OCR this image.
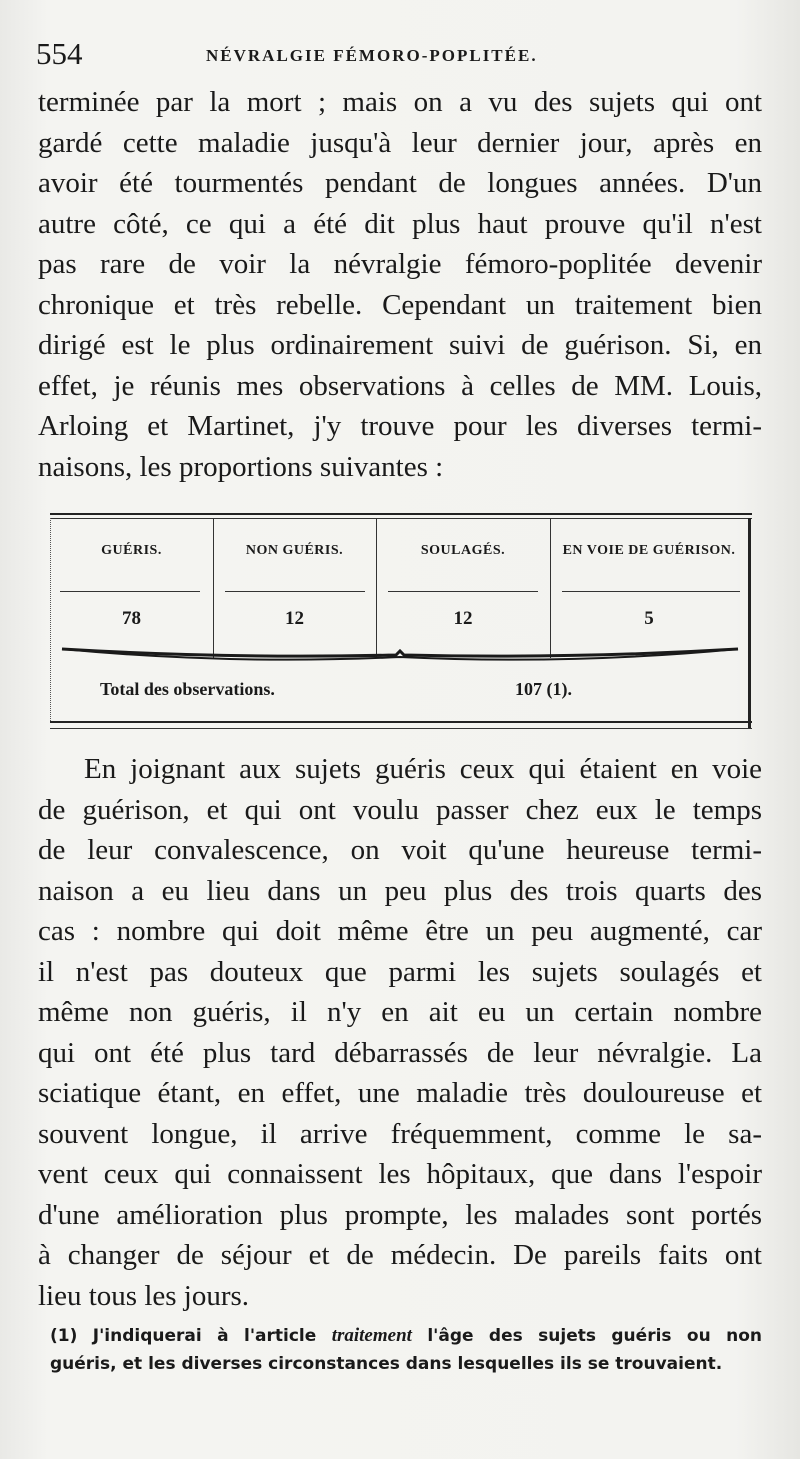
554	NÉVRALGIE FÉMORO-POPLITÉE.
terminée par la mort ; mais on a vu des sujets qui ont
gardé cette maladie jusqu'à leur dernier jour, après en
avoir été tourmentés pendant de longues années. D'un
autre côté, ce qui a été dit plus haut prouve qu'il n'est
pas rare de voir la névralgie fémoro-poplitée devenir
chronique et très rebelle. Cependant un traitement bien
dirigé est le plus ordinairement suivi de guérison. Si, en
effet, je réunis mes observations à celles de MM. Louis,
Arloing et Martinet, j'y trouve pour les diverses termi-
naisons, les proportions suivantes :
GUÉRIS.	NON GUÉRIS.	SOULAGÉS.	EN VOIE DE GUÉRISON.
78	12	12	5
Total des observations.	107 (1).
En joignant aux sujets guéris ceux qui étaient en voie
de guérison, et qui ont voulu passer chez eux le temps
de leur convalescence, on voit qu'une heureuse termi-
naison a eu lieu dans un peu plus des trois quarts des
cas : nombre qui doit même être un peu augmenté, car
il n'est pas douteux que parmi les sujets soulagés et
même non guéris, il n'y en ait eu un certain nombre
qui ont été plus tard débarrassés de leur névralgie. La
sciatique étant, en effet, une maladie très douloureuse et
souvent longue, il arrive fréquemment, comme le sa-
vent ceux qui connaissent les hôpitaux, que dans l'espoir
d'une amélioration plus prompte, les malades sont portés
à changer de séjour et de médecin. De pareils faits ont
lieu tous les jours.
(1) J'indiquerai à l'article traitement l'âge des sujets guéris ou non
guéris, et les diverses circonstances dans lesquelles ils se trouvaient.
